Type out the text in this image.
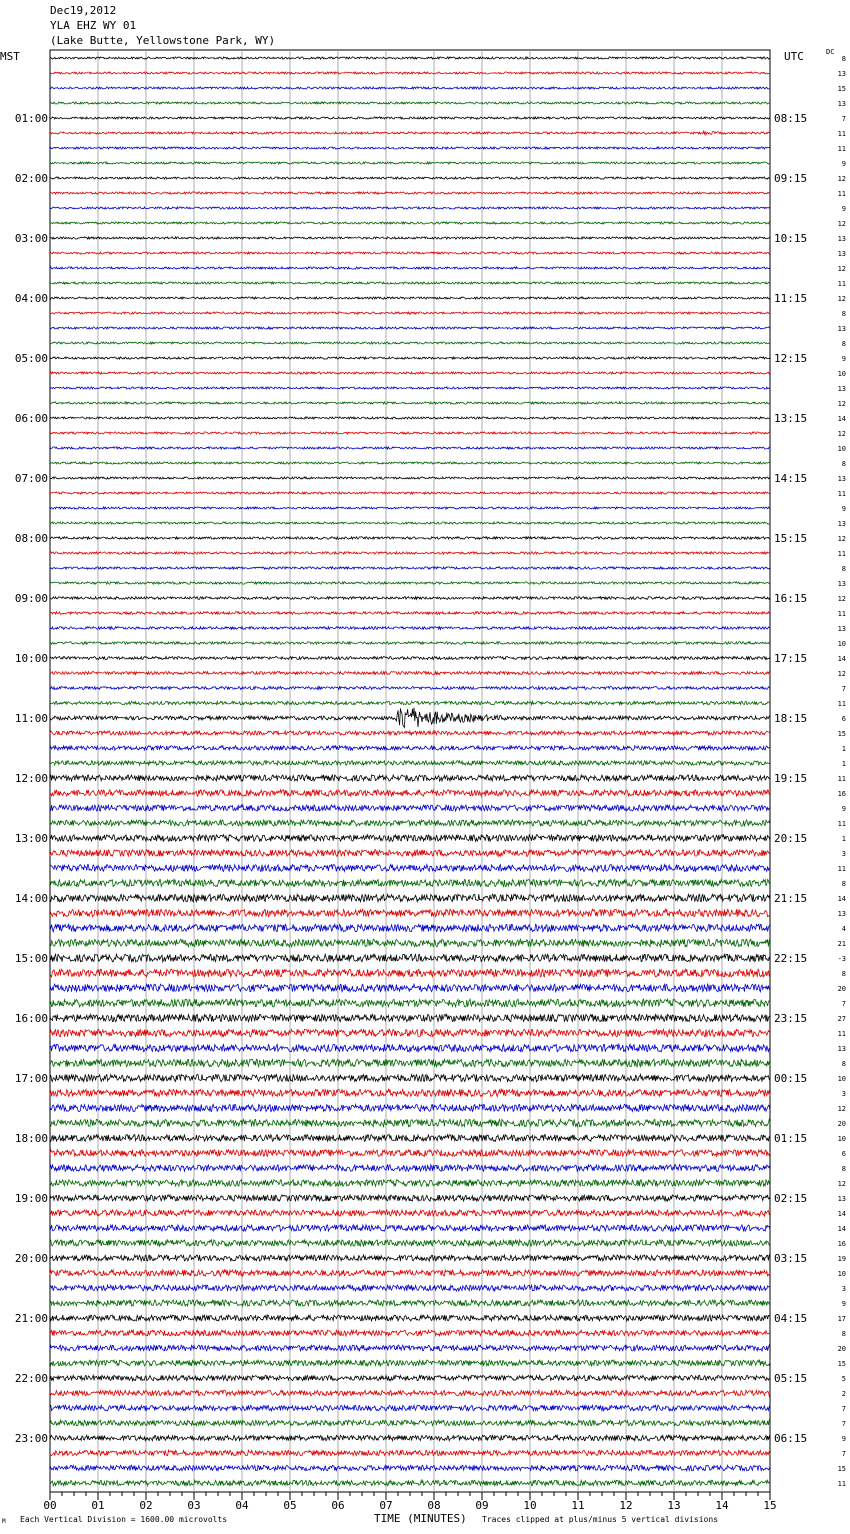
Dec19,2012
YLA EHZ WY 01
(Lake Butte, Yellowstone Park, WY)
MST	UTC	DC
8
13
15
13
7
11
11
9
12
11
9
12
13
13
12
11
12
8
13
8
9
10
13
12
14
12
10
8
13
11
9
13
12
11
8
13
12
11
13
10
14
12
7
11
6
15
1
1
11
16
9
11
1
3
11
8
14
13
4
21
-3
8
20
7
27
11
13
8
10
3
12
20
10
6
8
12
13
14
14
16
19
10
3
9
17
8
20
15
5
2
7
7
9
7
15
11
01:00
02:00
03:00
04:00
05:00
06:00
07:00
08:00
09:00
10:00
11:00
12:00
13:00
14:00
15:00
16:00
17:00
18:00
19:00
20:00
21:00
22:00
23:00
08:15
09:15
10:15
11:15
12:15
13:15
14:15
15:15
16:15
17:15
18:15
19:15
20:15
21:15
22:15
23:15
00:15
01:15
02:15
03:15
04:15
05:15
06:15
00	01	02	03	04	05	06	07	08	09	10	11	12	13	14	15
M Each Vertical Division = 1600.00 microvolts	TIME (MINUTES) Traces clipped at plus/minus 5 vertical divisions
